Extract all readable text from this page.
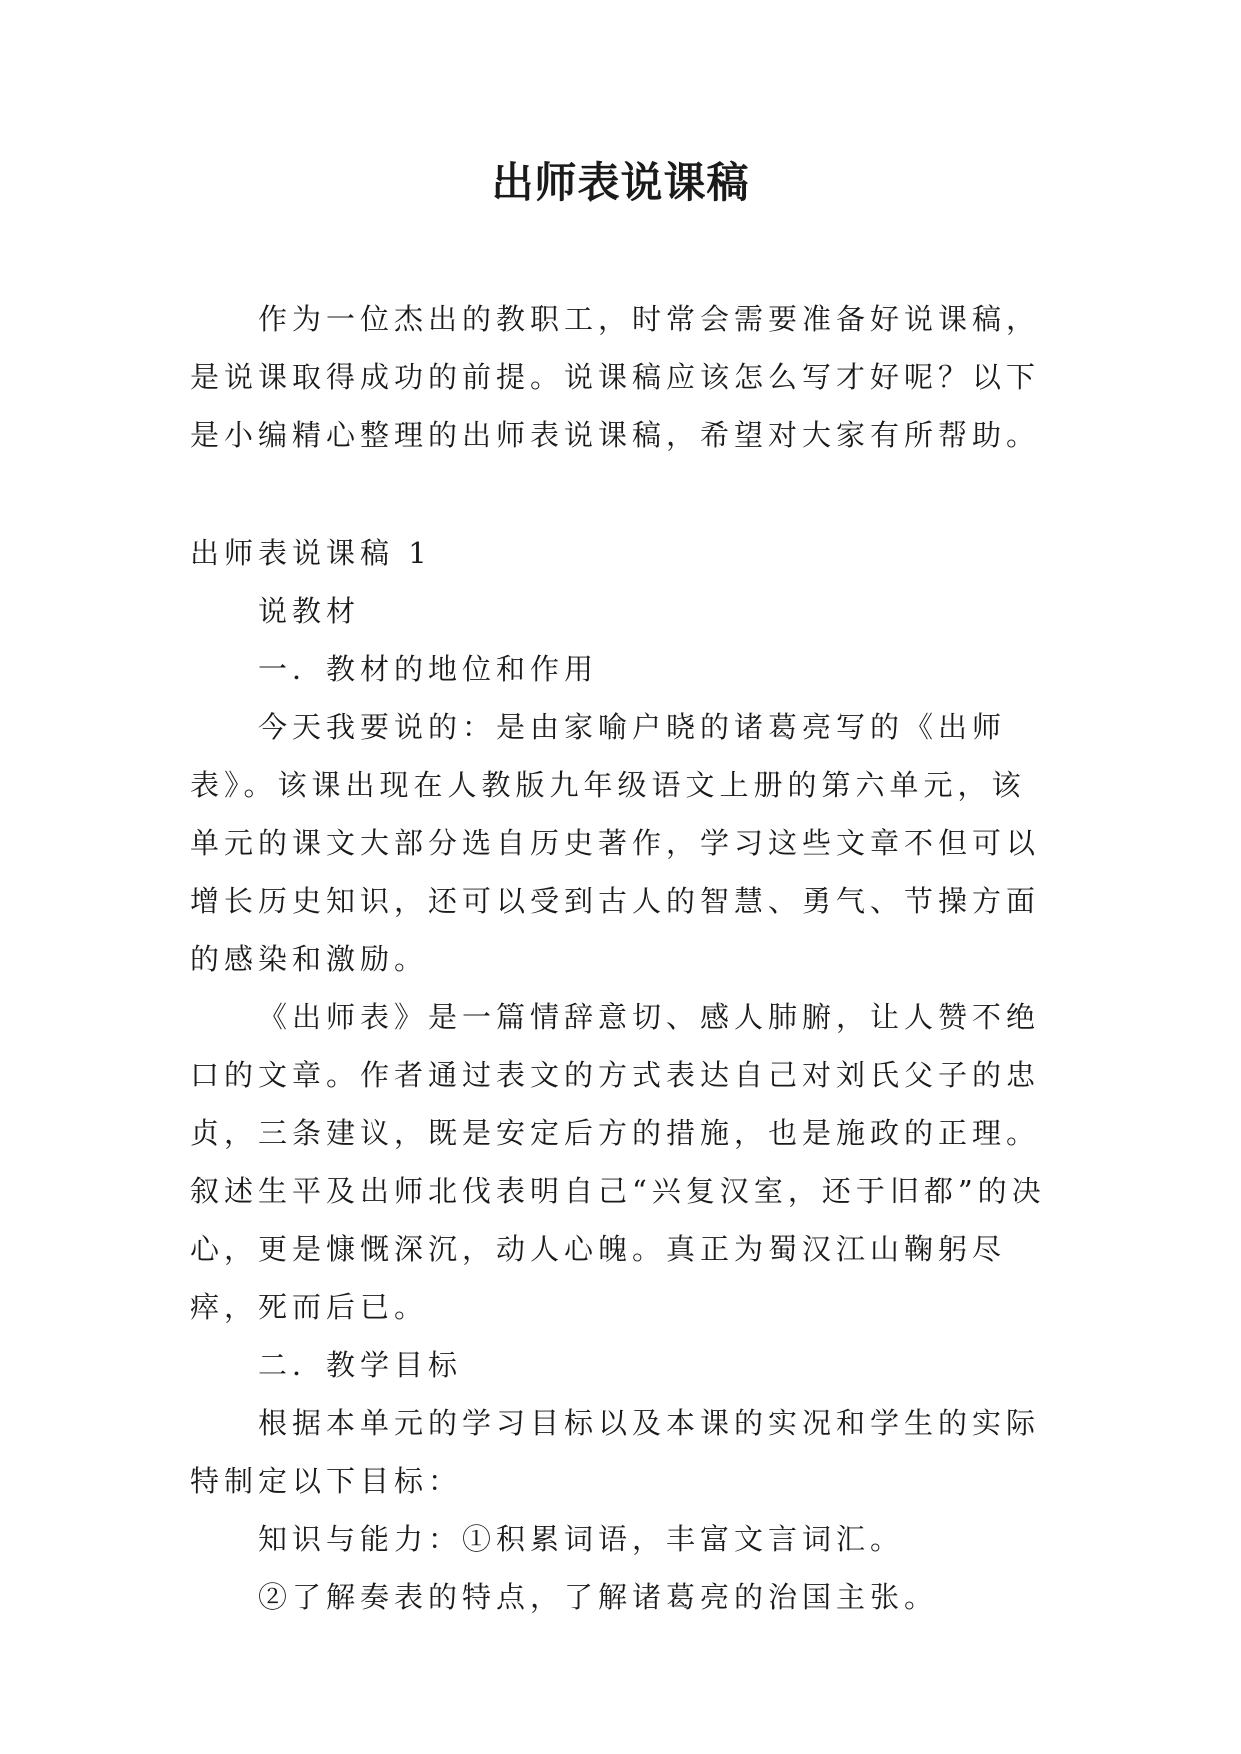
出师表说课稿

作为一位杰出的教职工，时常会需要准备好说课稿，是说课取得成功的前提。说课稿应该怎么写才好呢？以下是小编精心整理的出师表说课稿，希望对大家有所帮助。

出师表说课稿 1

说教材

一．教材的地位和作用

今天我要说的：是由家喻户晓的诸葛亮写的《出师表》。该课出现在人教版九年级语文上册的第六单元，该单元的课文大部分选自历史著作，学习这些文章不但可以增长历史知识，还可以受到古人的智慧、勇气、节操方面的感染和激励。

《出师表》是一篇情辞意切、感人肺腑，让人赞不绝口的文章。作者通过表文的方式表达自己对刘氏父子的忠贞，三条建议，既是安定后方的措施，也是施政的正理。叙述生平及出师北伐表明自己“兴复汉室，还于旧都”的决心，更是慷慨深沉，动人心魄。真正为蜀汉江山鞠躬尽瘁，死而后已。

二．教学目标

根据本单元的学习目标以及本课的实况和学生的实际特制定以下目标：

知识与能力：①积累词语，丰富文言词汇。

②了解奏表的特点，了解诸葛亮的治国主张。
